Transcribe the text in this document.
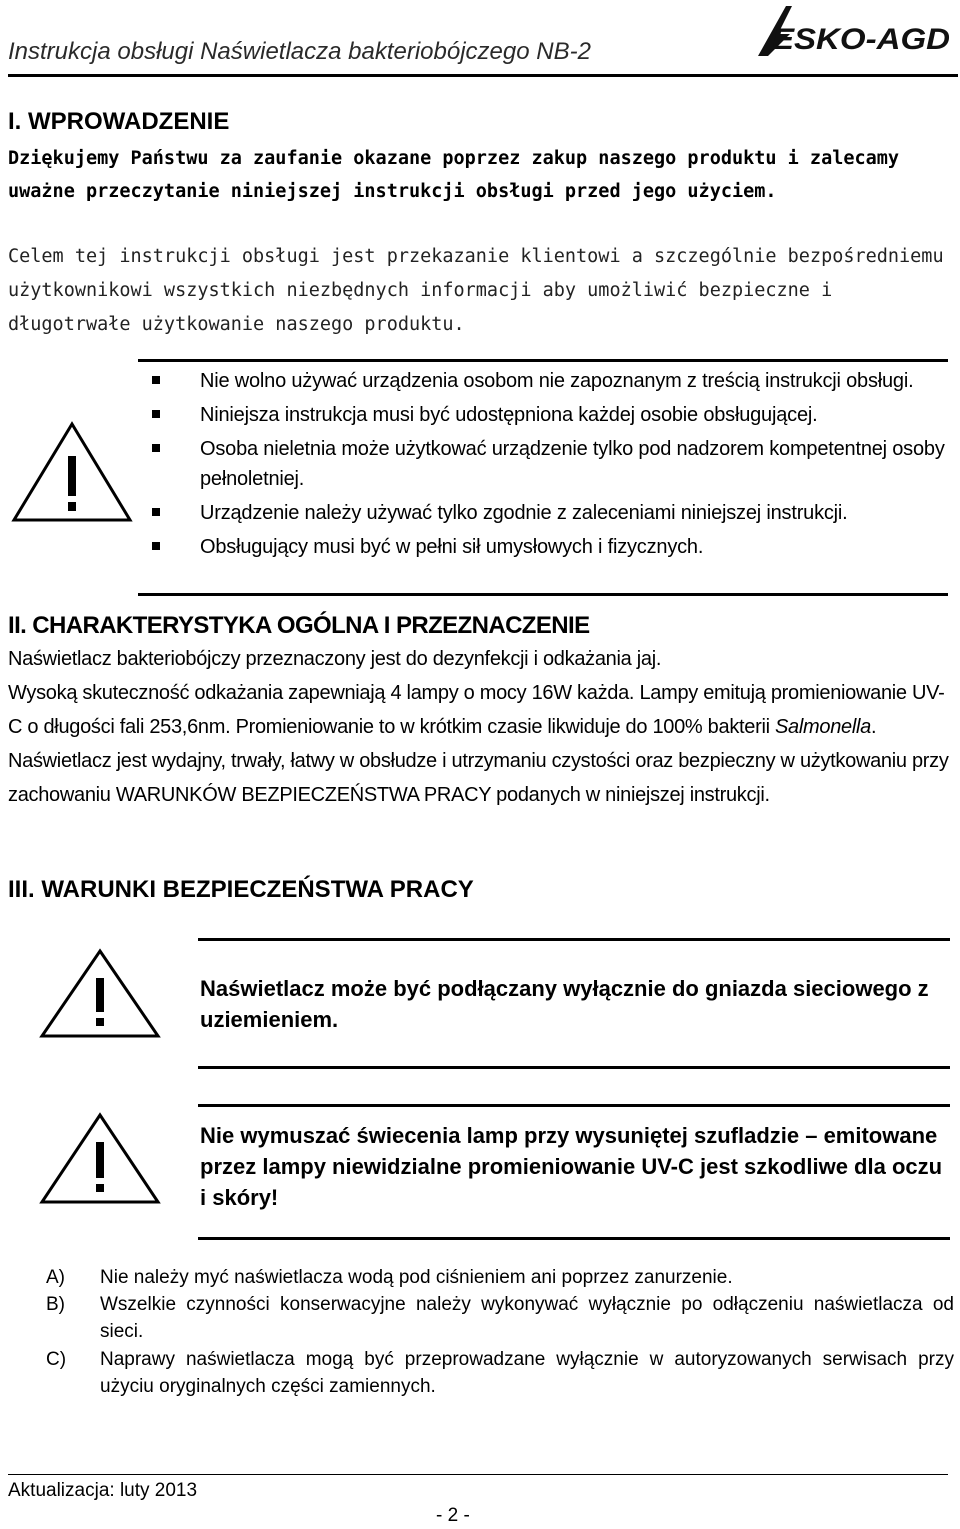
Instrukcja obsługi Naświetlacza bakteriobójczego NB-2	ESKO-AGD
I. WPROWADZENIE
Dziękujemy Państwu za zaufanie okazane poprzez zakup naszego produktu i zalecamy uważne przeczytanie niniejszej instrukcji obsługi przed jego użyciem.
Celem tej instrukcji obsługi jest przekazanie klientowi a szczególnie bezpośredniemu użytkownikowi wszystkich niezbędnych informacji aby umożliwić bezpieczne i długotrwałe użytkowanie naszego produktu.
Nie wolno używać urządzenia osobom nie zapoznanym z treścią instrukcji obsługi.
Niniejsza instrukcja musi być udostępniona każdej osobie obsługującej.
Osoba nieletnia może użytkować urządzenie tylko pod nadzorem kompetentnej osoby pełnoletniej.
Urządzenie należy używać tylko zgodnie z zaleceniami niniejszej instrukcji.
Obsługujący musi być w pełni sił umysłowych i fizycznych.
II. CHARAKTERYSTYKA OGÓLNA I PRZEZNACZENIE
Naświetlacz bakteriobójczy przeznaczony jest do dezynfekcji i odkażania jaj.
Wysoką skuteczność odkażania zapewniają 4 lampy o mocy 16W każda. Lampy emitują promieniowanie UV-C o długości fali 253,6nm. Promieniowanie to w krótkim czasie likwiduje do 100% bakterii Salmonella. Naświetlacz jest wydajny, trwały, łatwy w obsłudze i utrzymaniu czystości oraz bezpieczny w użytkowaniu przy zachowaniu WARUNKÓW BEZPIECZEŃSTWA PRACY podanych w niniejszej instrukcji.
III. WARUNKI BEZPIECZEŃSTWA PRACY
Naświetlacz może być podłączany wyłącznie do gniazda sieciowego z uziemieniem.
Nie wymuszać świecenia lamp przy wysuniętej szufladzie – emitowane przez lampy niewidzialne promieniowanie UV-C jest szkodliwe dla oczu i skóry!
A) Nie należy myć naświetlacza wodą pod ciśnieniem ani poprzez zanurzenie.
B) Wszelkie czynności konserwacyjne należy wykonywać wyłącznie po odłączeniu naświetlacza od sieci.
C) Naprawy naświetlacza mogą być przeprowadzane wyłącznie w autoryzowanych serwisach przy użyciu oryginalnych części zamiennych.
Aktualizacja: luty 2013
- 2 -
